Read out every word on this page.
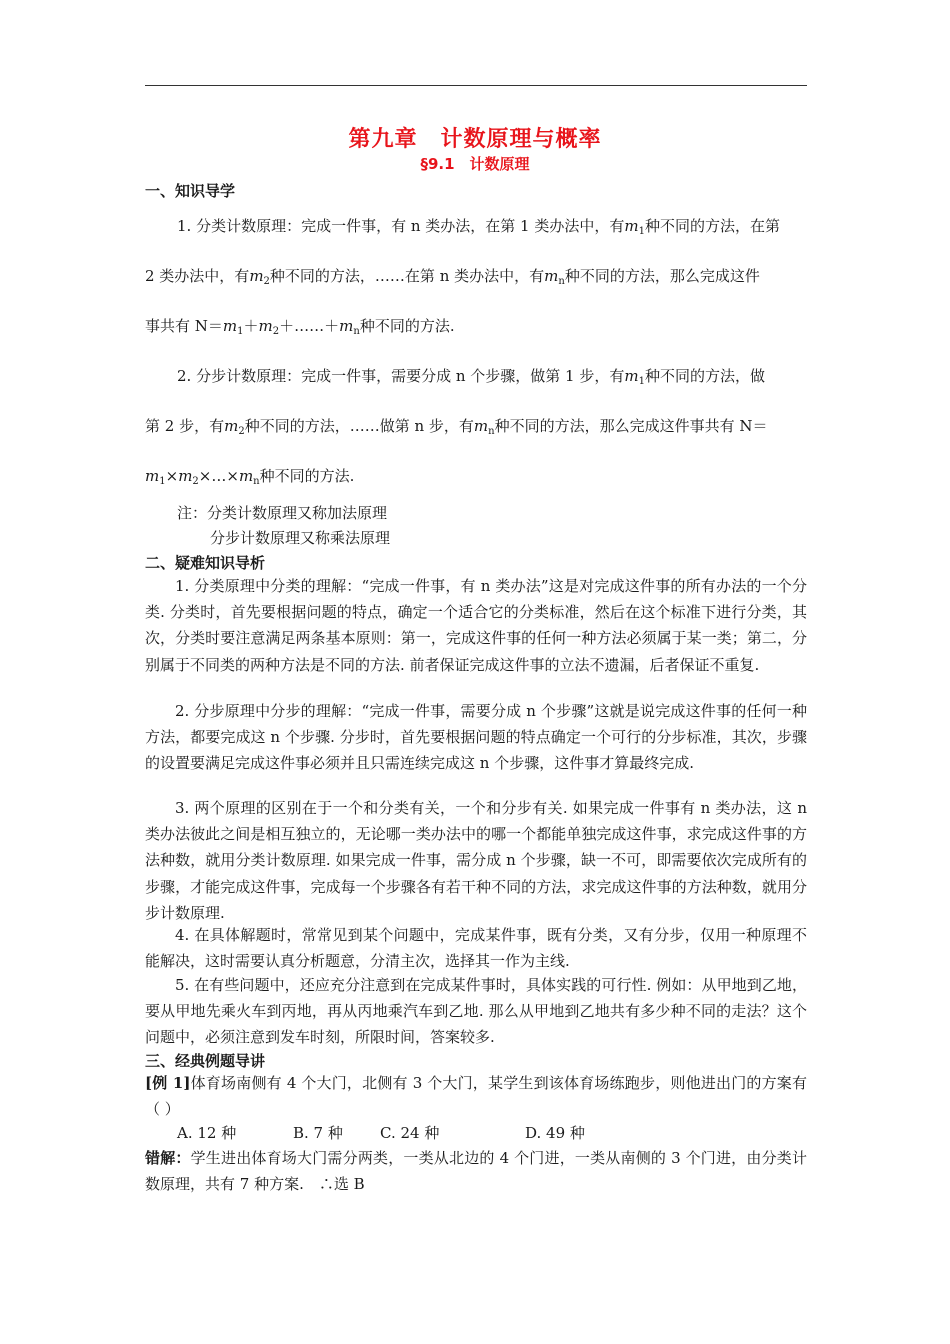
第九章　计数原理与概率
§9.1　计数原理
一、知识导学
1. 分类计数原理：完成一件事，有 n 类办法，在第 1 类办法中，有$m_1$种不同的方法，在第
2 类办法中，有$m_2$种不同的方法，……在第 n 类办法中，有$m_n$种不同的方法，那么完成这件
事共有 $N=m_1+m_2+\dots\dots+m_n$种不同的方法.
2. 分步计数原理：完成一件事，需要分成 n 个步骤，做第 1 步，有$m_1$种不同的方法，做
第 2 步，有$m_2$种不同的方法，……做第 n 步，有$m_n$种不同的方法，那么完成这件事共有 N＝
$m_1\times m_2\times\dots\times m_n$种不同的方法.
注：分类计数原理又称加法原理
分步计数原理又称乘法原理
二、疑难知识导析
1. 分类原理中分类的理解：“完成一件事，有 n 类办法”这是对完成这件事的所有办法的一个分类. 分类时，首先要根据问题的特点，确定一个适合它的分类标准，然后在这个标准下进行分类，其次，分类时要注意满足两条基本原则：第一，完成这件事的任何一种方法必须属于某一类；第二，分别属于不同类的两种方法是不同的方法. 前者保证完成这件事的立法不遗漏，后者保证不重复.
2. 分步原理中分步的理解：“完成一件事，需要分成 n 个步骤”这就是说完成这件事的任何一种方法，都要完成这 n 个步骤. 分步时，首先要根据问题的特点确定一个可行的分步标准，其次，步骤的设置要满足完成这件事必须并且只需连续完成这 n 个步骤，这件事才算最终完成.
3. 两个原理的区别在于一个和分类有关，一个和分步有关. 如果完成一件事有 n 类办法，这 n 类办法彼此之间是相互独立的，无论哪一类办法中的哪一个都能单独完成这件事，求完成这件事的方法种数，就用分类计数原理. 如果完成一件事，需分成 n 个步骤，缺一不可，即需要依次完成所有的步骤，才能完成这件事，完成每一个步骤各有若干种不同的方法，求完成这件事的方法种数，就用分步计数原理.
4. 在具体解题时，常常见到某个问题中，完成某件事，既有分类，又有分步，仅用一种原理不能解决，这时需要认真分析题意，分清主次，选择其一作为主线.
5. 在有些问题中，还应充分注意到在完成某件事时，具体实践的可行性. 例如：从甲地到乙地，要从甲地先乘火车到丙地，再从丙地乘汽车到乙地. 那么从甲地到乙地共有多少种不同的走法？这个问题中，必须注意到发车时刻，所限时间，答案较多.
三、经典例题导讲
[例 1]体育场南侧有 4 个大门，北侧有 3 个大门，某学生到该体育场练跑步，则他进出门的方案有　　　（ ）
A. 12 种	B. 7 种 C. 24 种	D. 49 种
错解：学生进出体育场大门需分两类，一类从北边的 4 个门进，一类从南侧的 3 个门进，由分类计数原理，共有 7 种方案.　∴选 B
